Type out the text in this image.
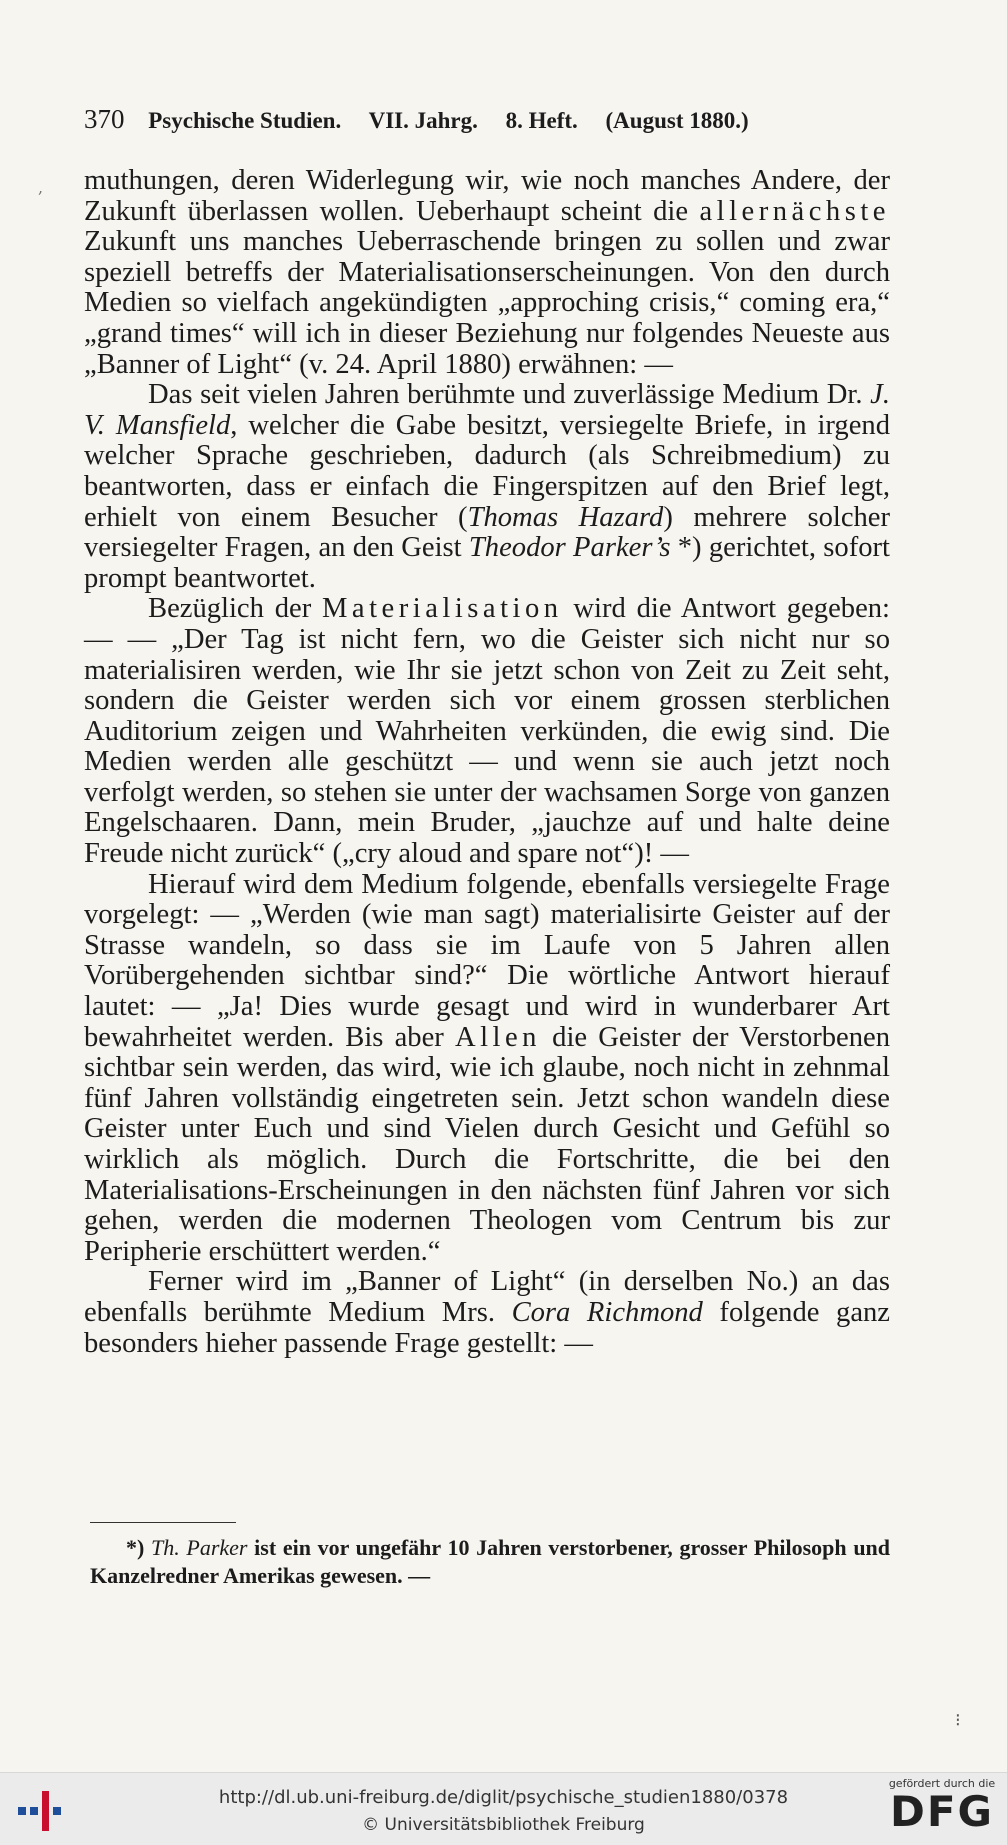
370 Psychische Studien. VII. Jahrg. 8. Heft. (August 1880.)
, muthungen, deren Widerlegung wir, wie noch manches Andere, der Zukunft überlassen wollen. Ueberhaupt scheint die allernächste Zukunft uns manches Ueberraschende bringen zu sollen und zwar speziell betreffs der Materialisationserscheinungen. Von den durch Medien so vielfach angekündigten „approching crisis,“ coming era,“ „grand times“ will ich in dieser Beziehung nur folgendes Neueste aus „Banner of Light“ (v. 24. April 1880) erwähnen: —

Das seit vielen Jahren berühmte und zuverlässige Medium Dr. J. V. Mansfield, welcher die Gabe besitzt, versiegelte Briefe, in irgend welcher Sprache geschrieben, dadurch (als Schreibmedium) zu beantworten, dass er einfach die Fingerspitzen auf den Brief legt, erhielt von einem Besucher (Thomas Hazard) mehrere solcher versiegelter Fragen, an den Geist Theodor Parker’s *) gerichtet, sofort prompt beantwortet.

Bezüglich der Materialisation wird die Antwort gegeben: — — „Der Tag ist nicht fern, wo die Geister sich nicht nur so materialisiren werden, wie Ihr sie jetzt schon von Zeit zu Zeit seht, sondern die Geister werden sich vor einem grossen sterblichen Auditorium zeigen und Wahrheiten verkünden, die ewig sind. Die Medien werden alle geschützt — und wenn sie auch jetzt noch verfolgt werden, so stehen sie unter der wachsamen Sorge von ganzen Engelschaaren. Dann, mein Bruder, „jauchze auf und halte deine Freude nicht zurück“ („cry aloud and spare not“)! —

Hierauf wird dem Medium folgende, ebenfalls versiegelte Frage vorgelegt: — „Werden (wie man sagt) materialisirte Geister auf der Strasse wandeln, so dass sie im Laufe von 5 Jahren allen Vorübergehenden sichtbar sind?“ Die wörtliche Antwort hierauf lautet: — „Ja! Dies wurde gesagt und wird in wunderbarer Art bewahrheitet werden. Bis aber Allen die Geister der Verstorbenen sichtbar sein werden, das wird, wie ich glaube, noch nicht in zehnmal fünf Jahren vollständig eingetreten sein. Jetzt schon wandeln diese Geister unter Euch und sind Vielen durch Gesicht und Gefühl so wirklich als möglich. Durch die Fortschritte, die bei den Materialisations-Erscheinungen in den nächsten fünf Jahren vor sich gehen, werden die modernen Theologen vom Centrum bis zur Peripherie erschüttert werden.“

Ferner wird im „Banner of Light“ (in derselben No.) an das ebenfalls berühmte Medium Mrs. Cora Richmond folgende ganz besonders hieher passende Frage gestellt: —

*) Th. Parker ist ein vor ungefähr 10 Jahren verstorbener, grosser Philosoph und Kanzelredner Amerikas gewesen. —

⁝
http://dl.ub.uni-freiburg.de/diglit/psychische_studien1880/0378
© Universitätsbibliothek Freiburg
gefördert durch die
DFG
